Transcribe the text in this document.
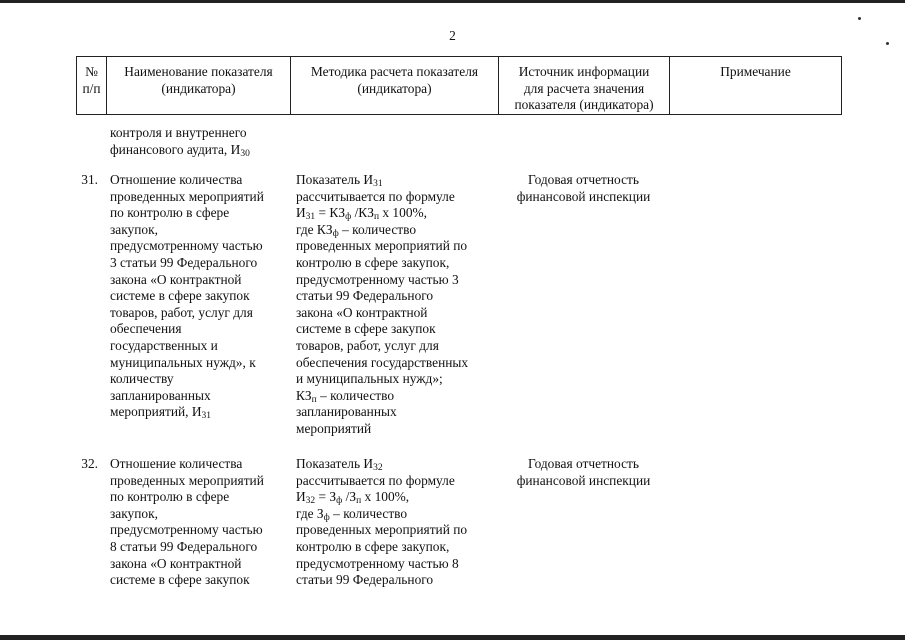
2
№
п/п
Наименование показателя
(индикатора)
Методика расчета показателя
(индикатора)
Источник информации
для расчета значения
показателя (индикатора)
Примечание
контроля и внутреннего
финансового аудита, $И_{30}$
31. Отношение количества
проведенных мероприятий
по контролю в сфере
закупок,
предусмотренному частью
3 статьи 99 Федерального
закона «О контрактной
системе в сфере закупок
товаров, работ, услуг для
обеспечения
государственных и
муниципальных нужд», к
количеству
запланированных
мероприятий, $И_{31}$
Показатель $И_{31}$
рассчитывается по формуле
$И_{31} = КЗ_ф$ $/КЗ_п$ х 100%,
где $КЗ_ф$ – количество
проведенных мероприятий по
контролю в сфере закупок,
предусмотренному частью 3
статьи 99 Федерального
закона «О контрактной
системе в сфере закупок
товаров, работ, услуг для
обеспечения государственных
и муниципальных нужд»;
$КЗ_п$ – количество
запланированных
мероприятий
Годовая отчетность
финансовой инспекции
32. Отношение количества
проведенных мероприятий
по контролю в сфере
закупок,
предусмотренному частью
8 статьи 99 Федерального
закона «О контрактной
системе в сфере закупок
Показатель $И_{32}$
рассчитывается по формуле
$И_{32} = З_ф$ $/З_п$ х 100%,
где $З_ф$ – количество
проведенных мероприятий по
контролю в сфере закупок,
предусмотренному частью 8
статьи 99 Федерального
Годовая отчетность
финансовой инспекции
